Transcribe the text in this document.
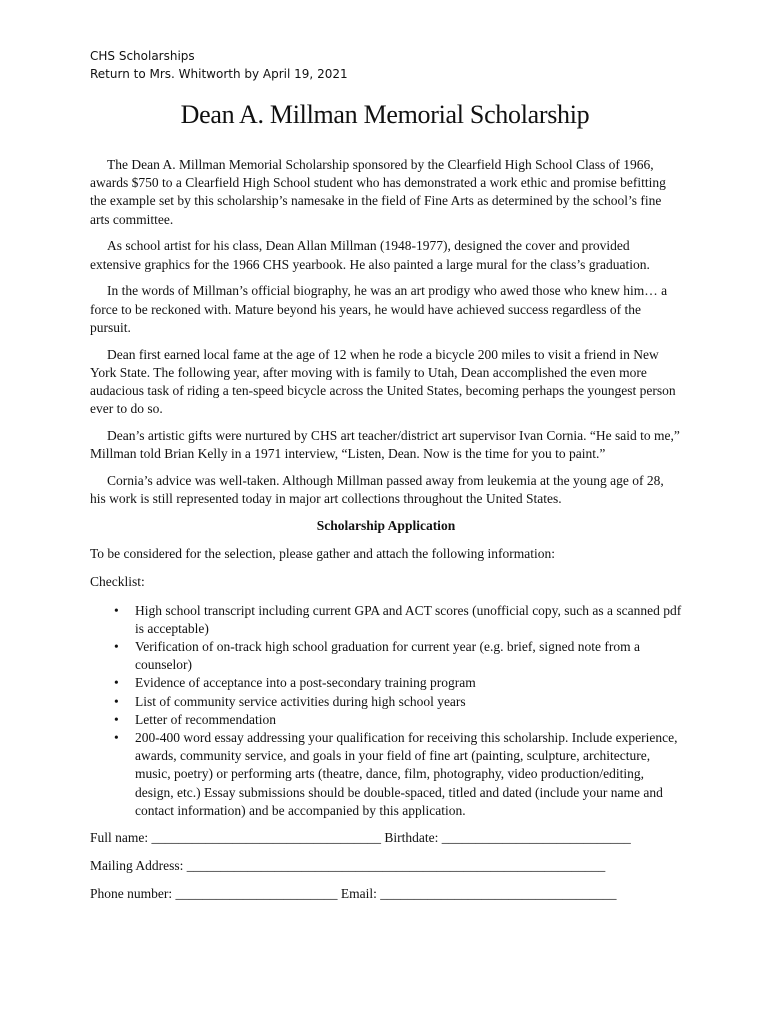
CHS Scholarships
Return to Mrs. Whitworth by April 19, 2021
Dean A. Millman Memorial Scholarship

The Dean A. Millman Memorial Scholarship sponsored by the Clearfield High School Class of 1966, awards $750 to a Clearfield High School student who has demonstrated a work ethic and promise befitting the example set by this scholarship’s namesake in the field of Fine Arts as determined by the school’s fine arts committee.

As school artist for his class, Dean Allan Millman (1948-1977), designed the cover and provided extensive graphics for the 1966 CHS yearbook. He also painted a large mural for the class’s graduation.

In the words of Millman’s official biography, he was an art prodigy who awed those who knew him… a force to be reckoned with. Mature beyond his years, he would have achieved success regardless of the pursuit.

Dean first earned local fame at the age of 12 when he rode a bicycle 200 miles to visit a friend in New York State. The following year, after moving with is family to Utah, Dean accomplished the even more audacious task of riding a ten-speed bicycle across the United States, becoming perhaps the youngest person ever to do so.

Dean’s artistic gifts were nurtured by CHS art teacher/district art supervisor Ivan Cornia. “He said to me,” Millman told Brian Kelly in a 1971 interview, “Listen, Dean. Now is the time for you to paint.”

Cornia’s advice was well-taken. Although Millman passed away from leukemia at the young age of 28, his work is still represented today in major art collections throughout the United States.

Scholarship Application
To be considered for the selection, please gather and attach the following information:
Checklist:
• High school transcript including current GPA and ACT scores (unofficial copy, such as a scanned pdf is acceptable)
• Verification of on-track high school graduation for current year (e.g. brief, signed note from a counselor)
• Evidence of acceptance into a post-secondary training program
• List of community service activities during high school years
• Letter of recommendation
• 200-400 word essay addressing your qualification for receiving this scholarship. Include experience, awards, community service, and goals in your field of fine art (painting, sculpture, architecture, music, poetry) or performing arts (theatre, dance, film, photography, video production/editing, design, etc.) Essay submissions should be double-spaced, titled and dated (include your name and contact information) and be accompanied by this application.
Full name: __________________________________ Birthdate: ____________________________
Mailing Address: ______________________________________________________________
Phone number: ________________________ Email: ___________________________________
